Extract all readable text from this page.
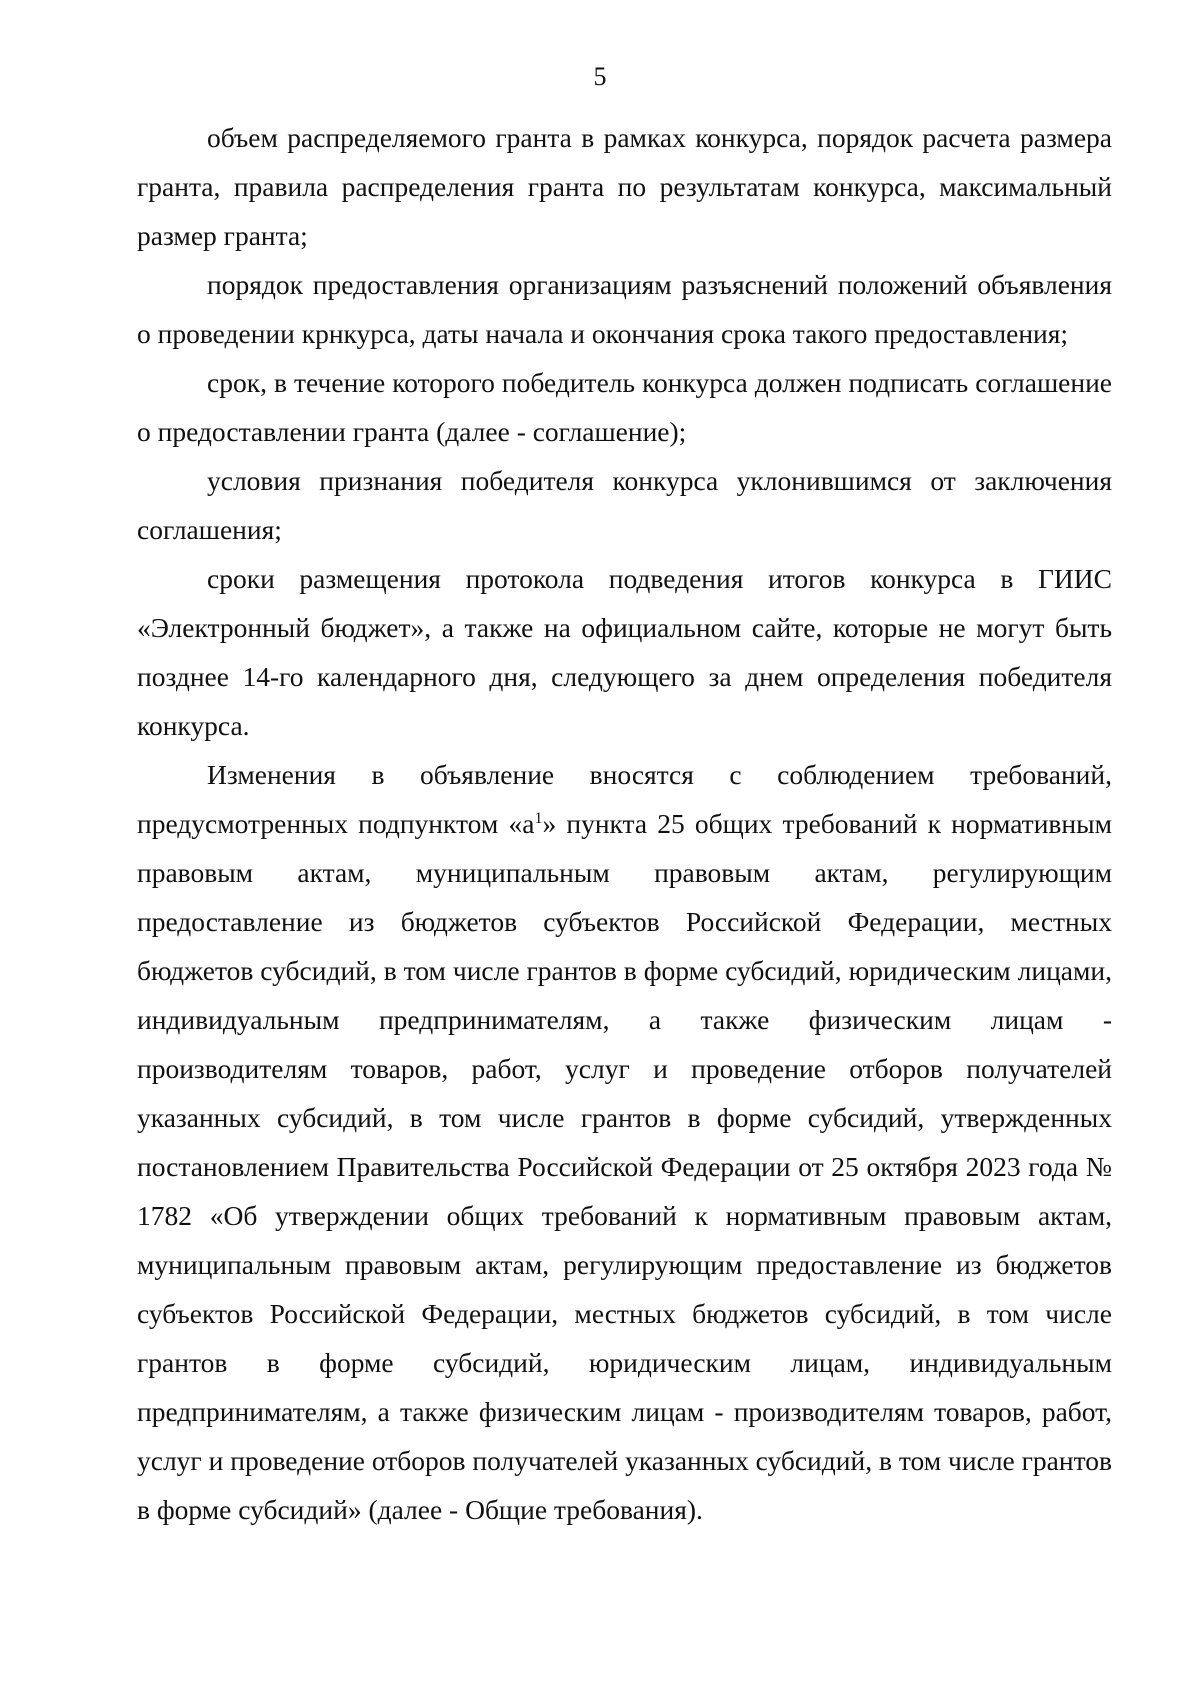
5

объем распределяемого гранта в рамках конкурса, порядок расчета размера гранта, правила распределения гранта по результатам конкурса, максимальный размер гранта;

порядок предоставления организациям разъяснений положений объявления о проведении крнкурса, даты начала и окончания срока такого предоставления;

срок, в течение которого победитель конкурса должен подписать соглашение о предоставлении гранта (далее - соглашение);

условия признания победителя конкурса уклонившимся от заключения соглашения;

сроки размещения протокола подведения итогов конкурса в ГИИС «Электронный бюджет», а также на официальном сайте, которые не могут быть позднее 14-го календарного дня, следующего за днем определения победителя конкурса.

Изменения в объявление вносятся с соблюдением требований, предусмотренных подпунктом «$а^1$» пункта 25 общих требований к нормативным правовым актам, муниципальным правовым актам, регулирующим предоставление из бюджетов субъектов Российской Федерации, местных бюджетов субсидий, в том числе грантов в форме субсидий, юридическим лицами, индивидуальным предпринимателям, а также физическим лицам - производителям товаров, работ, услуг и проведение отборов получателей указанных субсидий, в том числе грантов в форме субсидий, утвержденных постановлением Правительства Российской Федерации от 25 октября 2023 года № 1782 «Об утверждении общих требований к нормативным правовым актам, муниципальным правовым актам, регулирующим предоставление из бюджетов субъектов Российской Федерации, местных бюджетов субсидий, в том числе грантов в форме субсидий, юридическим лицам, индивидуальным предпринимателям, а также физическим лицам - производителям товаров, работ, услуг и проведение отборов получателей указанных субсидий, в том числе грантов в форме субсидий» (далее - Общие требования).
